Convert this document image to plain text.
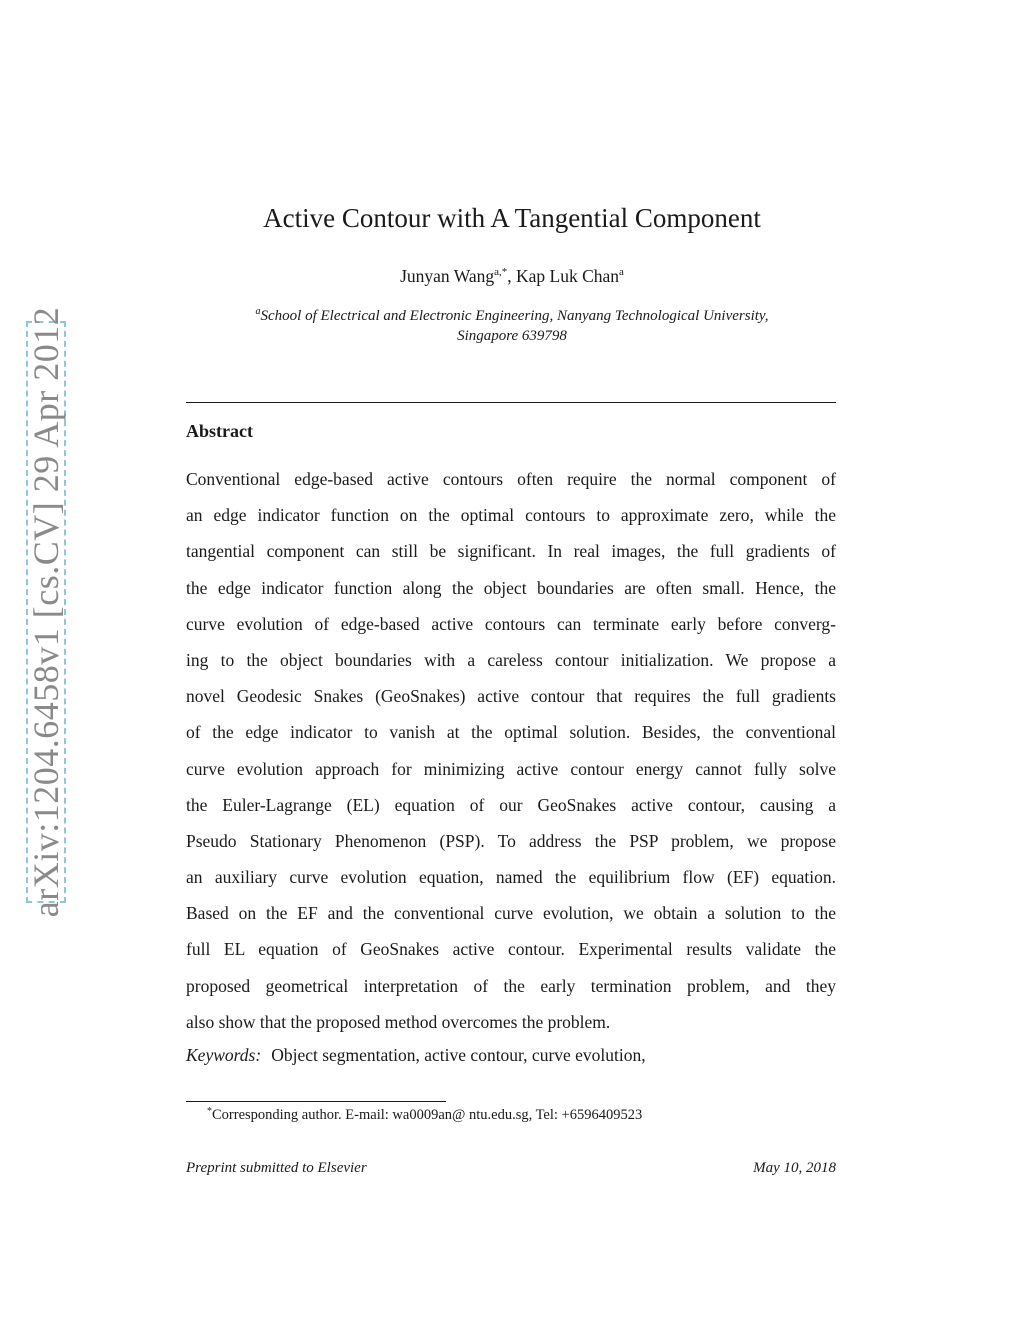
arXiv:1204.6458v1 [cs.CV] 29 Apr 2012
Active Contour with A Tangential Component
Junyan Wang$^{a,*}$, Kap Luk Chan$^a$
$^a$School of Electrical and Electronic Engineering, Nanyang Technological University,
Singapore 639798
Abstract
Conventional edge-based active contours often require the normal component of
an edge indicator function on the optimal contours to approximate zero, while the
tangential component can still be significant. In real images, the full gradients of
the edge indicator function along the object boundaries are often small. Hence, the
curve evolution of edge-based active contours can terminate early before converg-
ing to the object boundaries with a careless contour initialization. We propose a
novel Geodesic Snakes (GeoSnakes) active contour that requires the full gradients
of the edge indicator to vanish at the optimal solution. Besides, the conventional
curve evolution approach for minimizing active contour energy cannot fully solve
the Euler-Lagrange (EL) equation of our GeoSnakes active contour, causing a
Pseudo Stationary Phenomenon (PSP). To address the PSP problem, we propose
an auxiliary curve evolution equation, named the equilibrium flow (EF) equation.
Based on the EF and the conventional curve evolution, we obtain a solution to the
full EL equation of GeoSnakes active contour. Experimental results validate the
proposed geometrical interpretation of the early termination problem, and they
also show that the proposed method overcomes the problem.
Keywords: Object segmentation, active contour, curve evolution,
*Corresponding author. E-mail: wa0009an@ ntu.edu.sg, Tel: +6596409523
Preprint submitted to Elsevier	May 10, 2018
